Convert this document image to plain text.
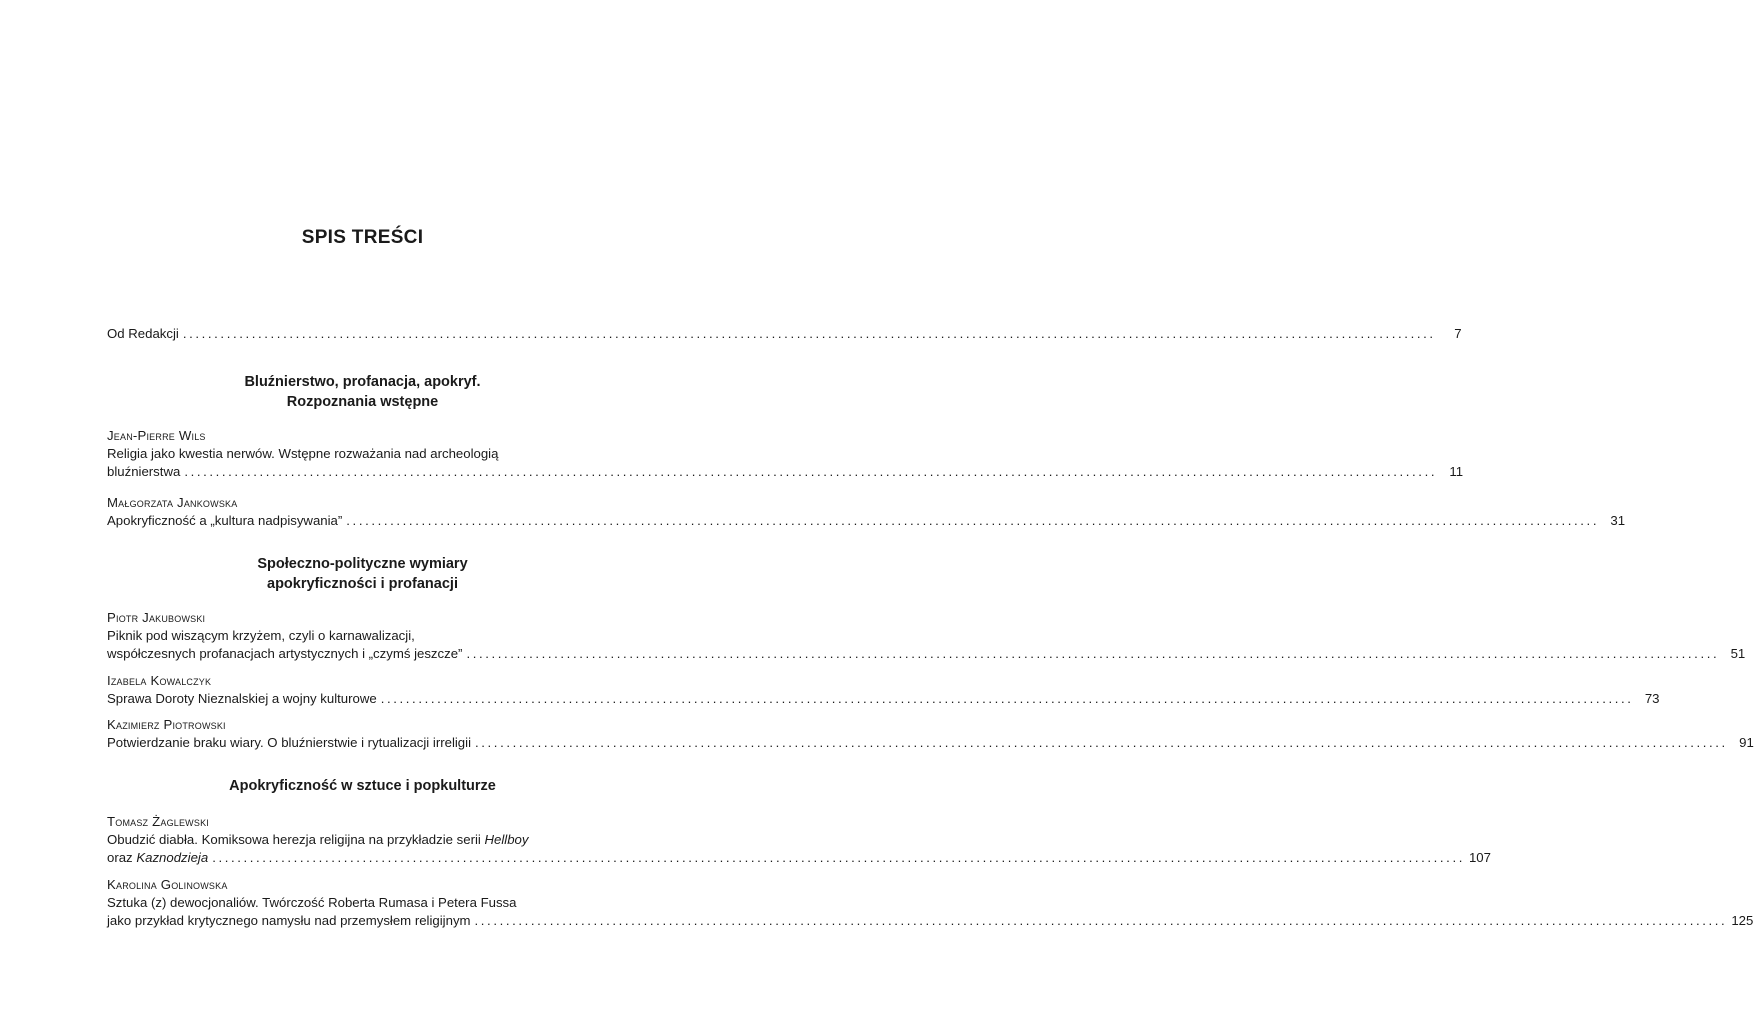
SPIS TREŚCI
Od Redakcji ........................................................................................................................................................................................................	7
Bluźnierstwo, profanacja, apokryf.
Rozpoznania wstępne
Jean-Pierre Wils
Religia jako kwestia nerwów. Wstępne rozważania nad archeologią
bluźnierstwa ........................................................................................................................................................................................................ 11
Małgorzata Jankowska
Apokryficzność a „kultura nadpisywania” ........................................................................................................................................................................................................ 31
Społeczno-polityczne wymiary
apokryficzności i profanacji
Piotr Jakubowski
Piknik pod wiszącym krzyżem, czyli o karnawalizacji,
współczesnych profanacjach artystycznych i „czymś jeszcze” ........................................................................................................................................................................................................ 51
Izabela Kowalczyk
Sprawa Doroty Nieznalskiej a wojny kulturowe ........................................................................................................................................................................................................ 73
Kazimierz Piotrowski
Potwierdzanie braku wiary. O bluźnierstwie i rytualizacji irreligii ........................................................................................................................................................................................................ 91
Apokryficzność w sztuce i popkulturze
Tomasz Żaglewski
Obudzić diabła. Komiksowa herezja religijna na przykładzie serii Hellboy
oraz Kaznodzieja ........................................................................................................................................................................................................ 107
Karolina Golinowska
Sztuka (z) dewocjonaliów. Twórczość Roberta Rumasa i Petera Fussa
jako przykład krytycznego namysłu nad przemysłem religijnym ........................................................................................................................................................................................................ 125
